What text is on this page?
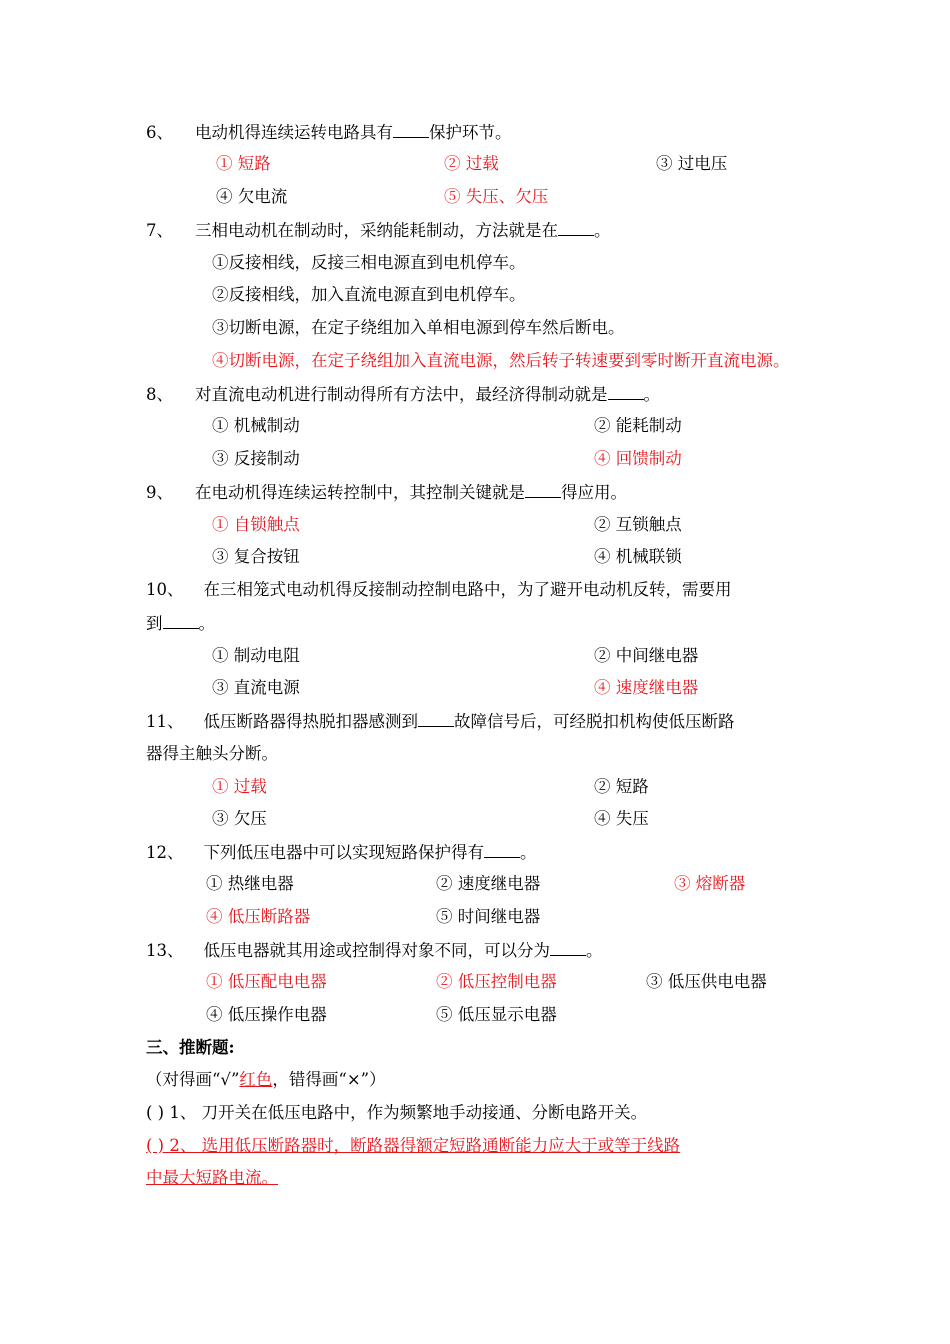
6、 电动机得连续运转电路具有 保护环节。
① 短路	② 过载	③ 过电压
④ 欠电流	⑤ 失压、欠压
7、 三相电动机在制动时，采纳能耗制动，方法就是在 。
①反接相线，反接三相电源直到电机停车。
②反接相线，加入直流电源直到电机停车。
③切断电源，在定子绕组加入单相电源到停车然后断电。
④切断电源，在定子绕组加入直流电源，然后转子转速要到零时断开直流电源。
8、 对直流电动机进行制动得所有方法中，最经济得制动就是 。
① 机械制动	② 能耗制动
③ 反接制动	④ 回馈制动
9、 在电动机得连续运转控制中，其控制关键就是 得应用。
① 自锁触点	② 互锁触点
③ 复合按钮	④ 机械联锁
10、 在三相笼式电动机得反接制动控制电路中，为了避开电动机反转，需要用
到 。
① 制动电阻	② 中间继电器
③ 直流电源	④ 速度继电器
11、 低压断路器得热脱扣器感测到 故障信号后，可经脱扣机构使低压断路
器得主触头分断。
① 过载	② 短路
③ 欠压	④ 失压
12、 下列低压电器中可以实现短路保护得有 。
① 热继电器	② 速度继电器	③ 熔断器
④ 低压断路器	⑤ 时间继电器
13、 低压电器就其用途或控制得对象不同，可以分为 。
① 低压配电电器	② 低压控制电器	③ 低压供电电器
④ 低压操作电器	⑤ 低压显示电器
三、推断题:
（对得画“√”红色，错得画“×”）
( ) 1、 刀开关在低压电路中，作为频繁地手动接通、分断电路开关。
( ) 2、 选用低压断路器时，断路器得额定短路通断能力应大于或等于线路
中最大短路电流。
